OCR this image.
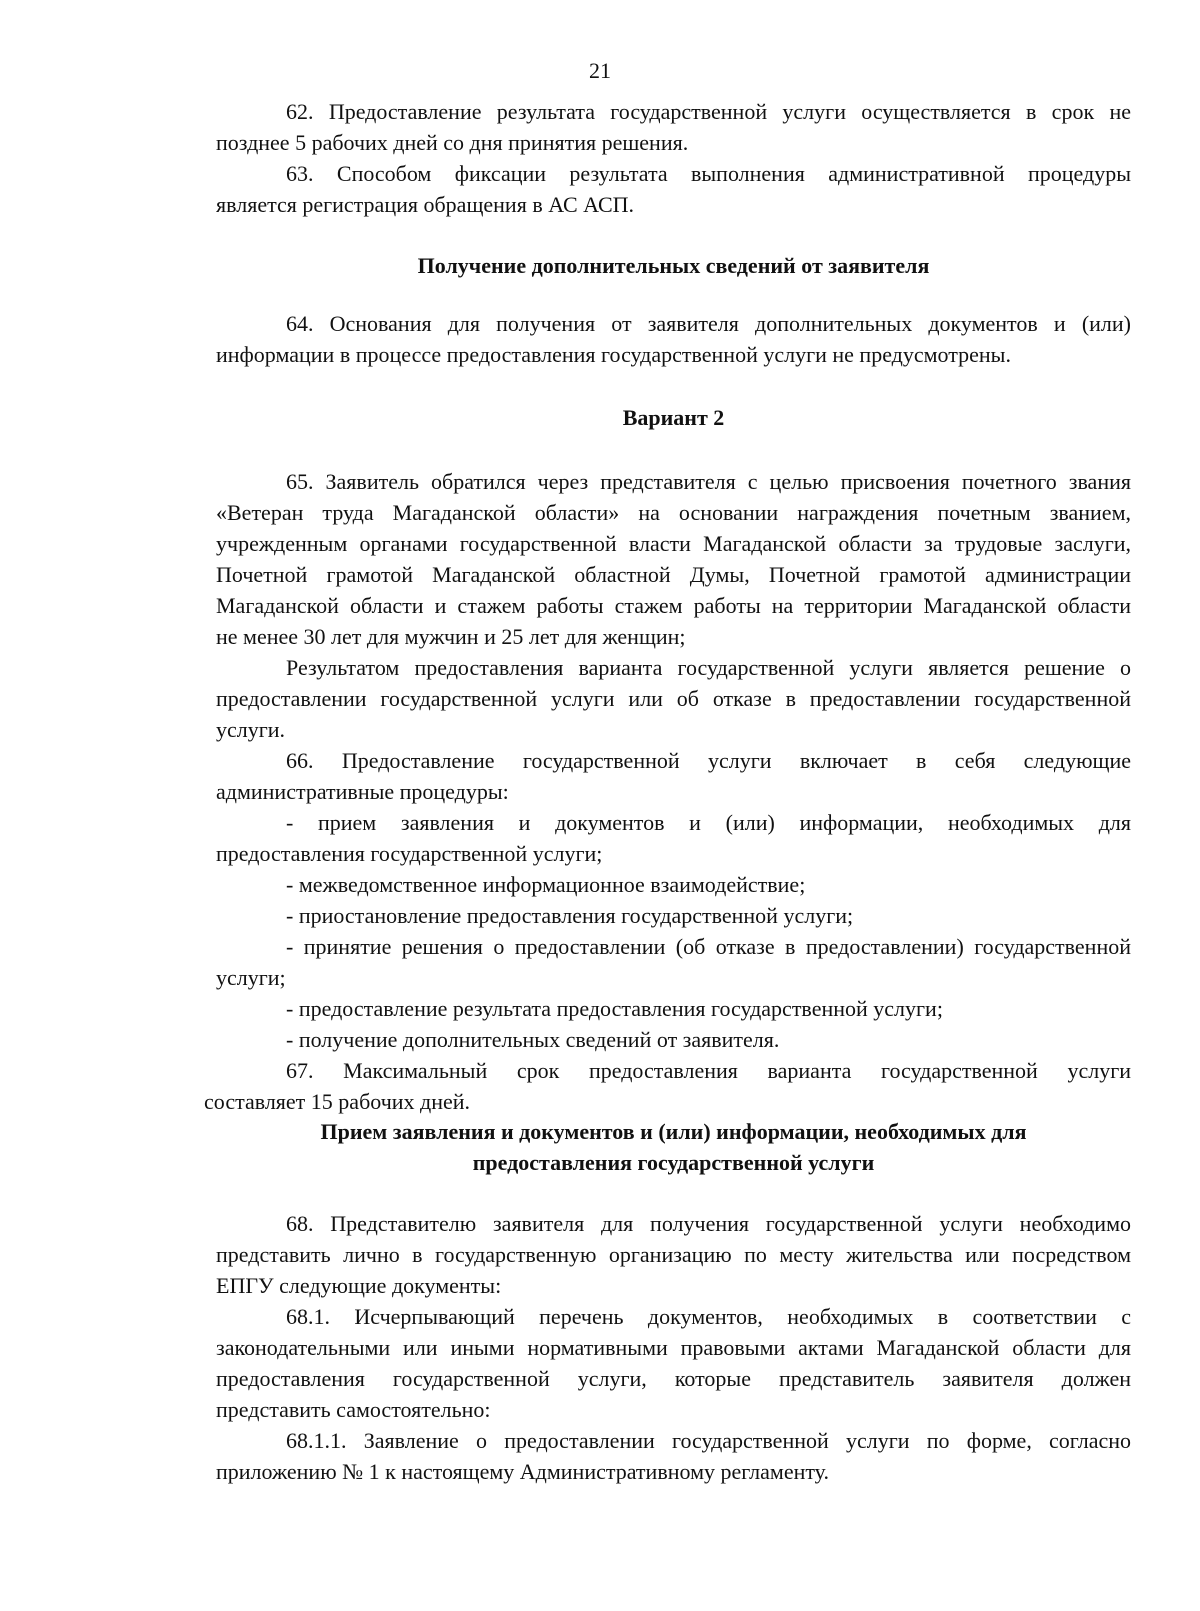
21

62. Предоставление результата государственной услуги осуществляется в срок не

позднее 5 рабочих дней со дня принятия решения.

63. Способом фиксации результата выполнения административной процедуры

является регистрация обращения в АС АСП.

Получение дополнительных сведений от заявителя

64. Основания для получения от заявителя дополнительных документов и (или)

информации в процессе предоставления государственной услуги не предусмотрены.

Вариант 2

65. Заявитель обратился через представителя с целью присвоения почетного звания

«Ветеран труда Магаданской области» на основании награждения почетным званием,

учрежденным органами государственной власти Магаданской области за трудовые заслуги,

Почетной грамотой Магаданской областной Думы, Почетной грамотой администрации

Магаданской области и стажем работы стажем работы на территории Магаданской области

не менее 30 лет для мужчин и 25 лет для женщин;

Результатом предоставления варианта государственной услуги является решение о

предоставлении государственной услуги или об отказе в предоставлении государственной

услуги.

66. Предоставление государственной услуги включает в себя следующие

административные процедуры:

- прием заявления и документов и (или) информации, необходимых для

предоставления государственной услуги;

- межведомственное информационное взаимодействие;

- приостановление предоставления государственной услуги;

- принятие решения о предоставлении (об отказе в предоставлении) государственной

услуги;

- предоставление результата предоставления государственной услуги;

- получение дополнительных сведений от заявителя.

67. Максимальный срок предоставления варианта государственной услуги

составляет 15 рабочих дней.

Прием заявления и документов и (или) информации, необходимых для

предоставления государственной услуги

68. Представителю заявителя для получения государственной услуги необходимо

представить лично в государственную организацию по месту жительства или посредством

ЕПГУ следующие документы:

68.1. Исчерпывающий перечень документов, необходимых в соответствии с

законодательными или иными нормативными правовыми актами Магаданской области для

предоставления государственной услуги, которые представитель заявителя должен

представить самостоятельно:

68.1.1. Заявление о предоставлении государственной услуги по форме, согласно

приложению № 1 к настоящему Административному регламенту.
